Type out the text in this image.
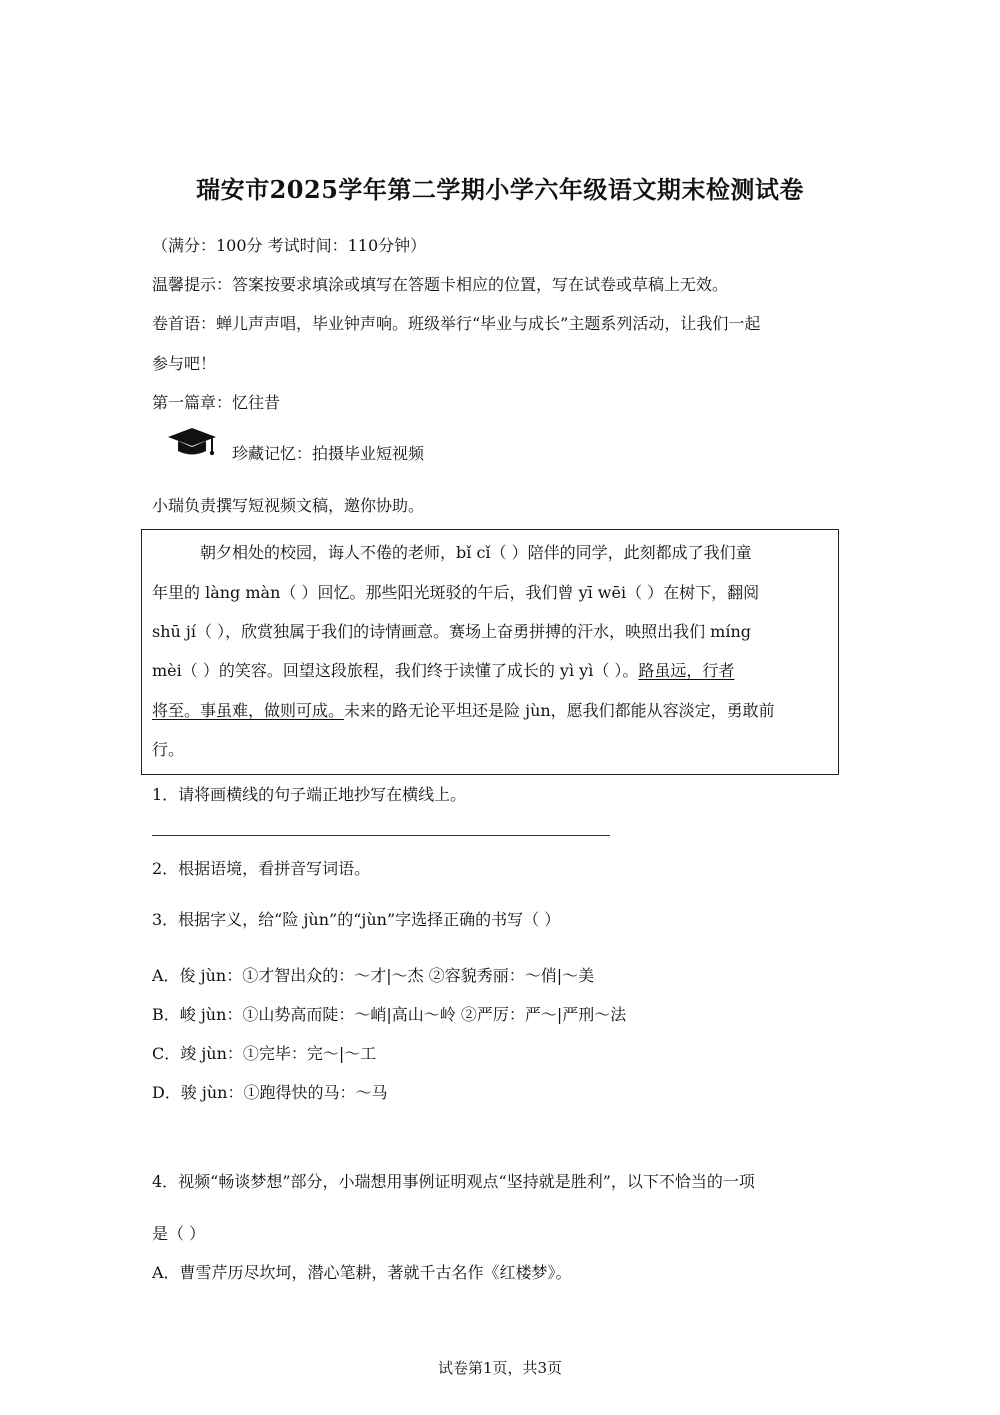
瑞安市2025学年第二学期小学六年级语文期末检测试卷
（满分：100分 考试时间：110分钟）
温馨提示：答案按要求填涂或填写在答题卡相应的位置，写在试卷或草稿上无效。
卷首语：蝉儿声声唱，毕业钟声响。班级举行“毕业与成长”主题系列活动，让我们一起
参与吧！
第一篇章：忆往昔
珍藏记忆：拍摄毕业短视频
小瑞负责撰写短视频文稿，邀你协助。
朝夕相处的校园，诲人不倦的老师，bǐ cǐ（ ）陪伴的同学，此刻都成了我们童
年里的 làng màn（ ）回忆。那些阳光斑驳的午后，我们曾 yī wēi（ ）在树下，翻阅
shū jí（ ），欣赏独属于我们的诗情画意。赛场上奋勇拼搏的汗水，映照出我们 míng
mèi（ ）的笑容。回望这段旅程，我们终于读懂了成长的 yì yì（ ）。路虽远，行者
将至。事虽难，做则可成。未来的路无论平坦还是险 jùn，愿我们都能从容淡定，勇敢前
行。
1．请将画横线的句子端正地抄写在横线上。
2．根据语境，看拼音写词语。
3．根据字义，给“险 jùn”的“jùn”字选择正确的书写（ ）
A．俊 jùn：①才智出众的：～才|～杰 ②容貌秀丽：～俏|～美
B．峻 jùn：①山势高而陡：～峭|高山～岭 ②严厉：严～|严刑～法
C．竣 jùn：①完毕：完～|～工
D．骏 jùn：①跑得快的马：～马
4．视频“畅谈梦想”部分，小瑞想用事例证明观点“坚持就是胜利”，以下不恰当的一项
是（ ）
A．曹雪芹历尽坎坷，潜心笔耕，著就千古名作《红楼梦》。
试卷第1页，共3页
